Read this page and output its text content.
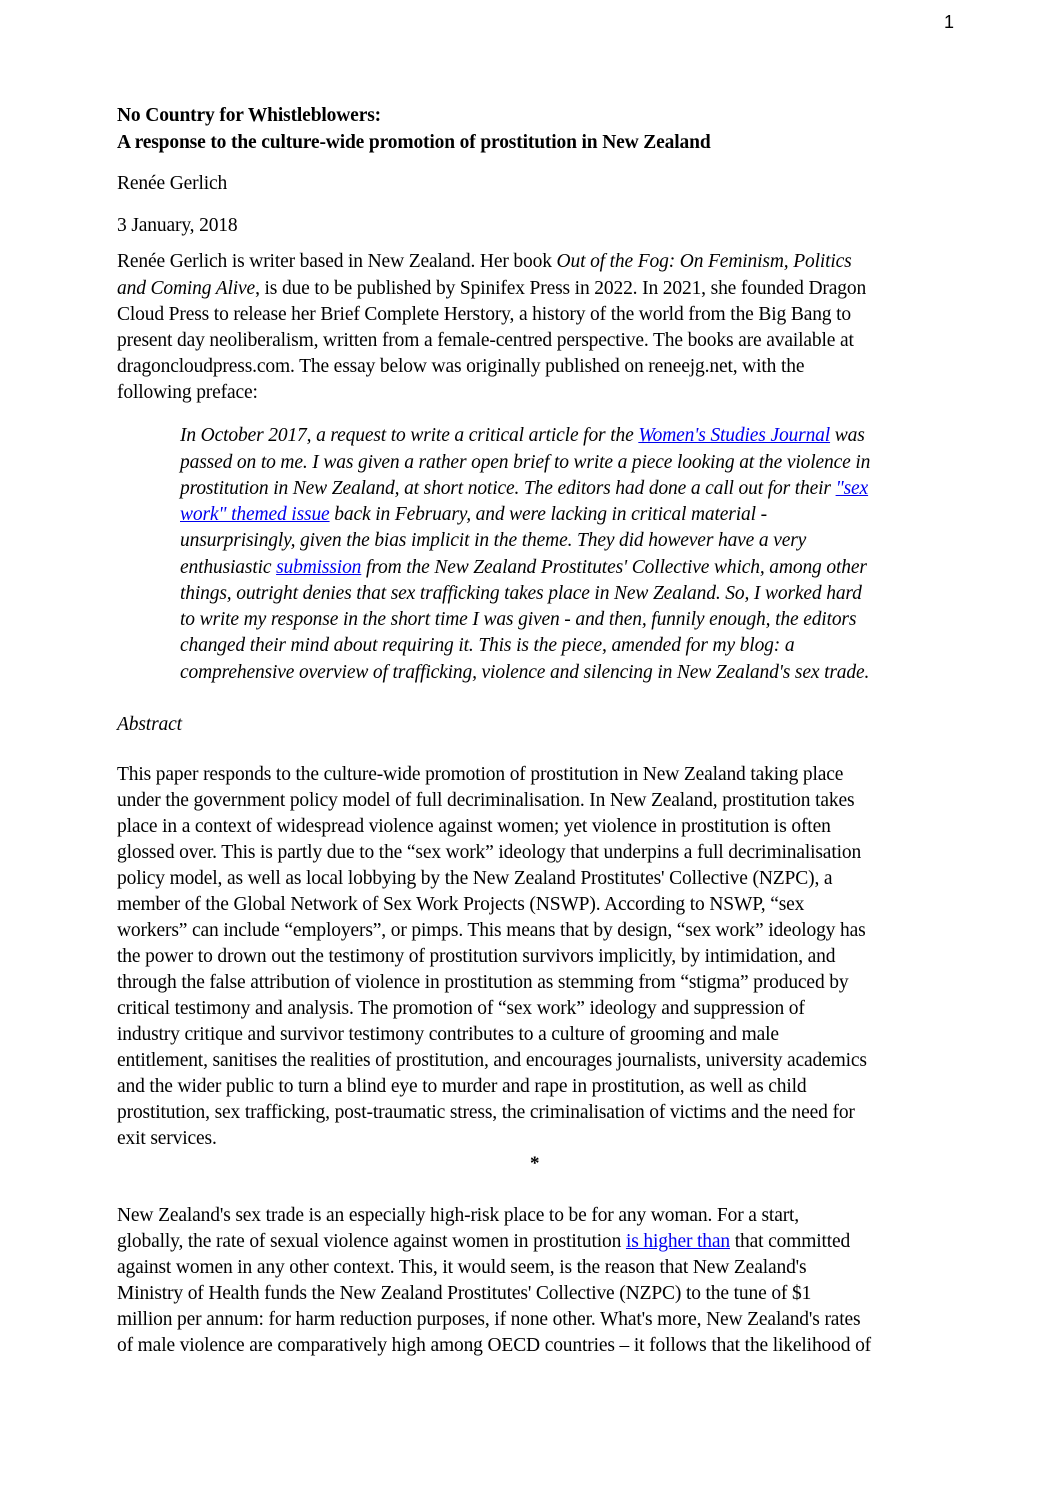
1
No Country for Whistleblowers:
A response to the culture-wide promotion of prostitution in New Zealand
Renée Gerlich
3 January, 2018
Renée Gerlich is writer based in New Zealand. Her book Out of the Fog: On Feminism, Politics
and Coming Alive, is due to be published by Spinifex Press in 2022. In 2021, she founded Dragon
Cloud Press to release her Brief Complete Herstory, a history of the world from the Big Bang to
present day neoliberalism, written from a female-centred perspective. The books are available at
dragoncloudpress.com. The essay below was originally published on reneejg.net, with the
following preface:
In October 2017, a request to write a critical article for the Women's Studies Journal was
passed on to me. I was given a rather open brief to write a piece looking at the violence in
prostitution in New Zealand, at short notice. The editors had done a call out for their "sex
work" themed issue back in February, and were lacking in critical material -
unsurprisingly, given the bias implicit in the theme. They did however have a very
enthusiastic submission from the New Zealand Prostitutes' Collective which, among other
things, outright denies that sex trafficking takes place in New Zealand. So, I worked hard
to write my response in the short time I was given - and then, funnily enough, the editors
changed their mind about requiring it. This is the piece, amended for my blog: a
comprehensive overview of trafficking, violence and silencing in New Zealand's sex trade.
Abstract
This paper responds to the culture-wide promotion of prostitution in New Zealand taking place
under the government policy model of full decriminalisation. In New Zealand, prostitution takes
place in a context of widespread violence against women; yet violence in prostitution is often
glossed over. This is partly due to the “sex work” ideology that underpins a full decriminalisation
policy model, as well as local lobbying by the New Zealand Prostitutes' Collective (NZPC), a
member of the Global Network of Sex Work Projects (NSWP). According to NSWP, “sex
workers” can include “employers”, or pimps. This means that by design, “sex work” ideology has
the power to drown out the testimony of prostitution survivors implicitly, by intimidation, and
through the false attribution of violence in prostitution as stemming from “stigma” produced by
critical testimony and analysis. The promotion of “sex work” ideology and suppression of
industry critique and survivor testimony contributes to a culture of grooming and male
entitlement, sanitises the realities of prostitution, and encourages journalists, university academics
and the wider public to turn a blind eye to murder and rape in prostitution, as well as child
prostitution, sex trafficking, post-traumatic stress, the criminalisation of victims and the need for
exit services.
*
New Zealand's sex trade is an especially high-risk place to be for any woman. For a start,
globally, the rate of sexual violence against women in prostitution is higher than that committed
against women in any other context. This, it would seem, is the reason that New Zealand's
Ministry of Health funds the New Zealand Prostitutes' Collective (NZPC) to the tune of $1
million per annum: for harm reduction purposes, if none other. What's more, New Zealand's rates
of male violence are comparatively high among OECD countries – it follows that the likelihood of
